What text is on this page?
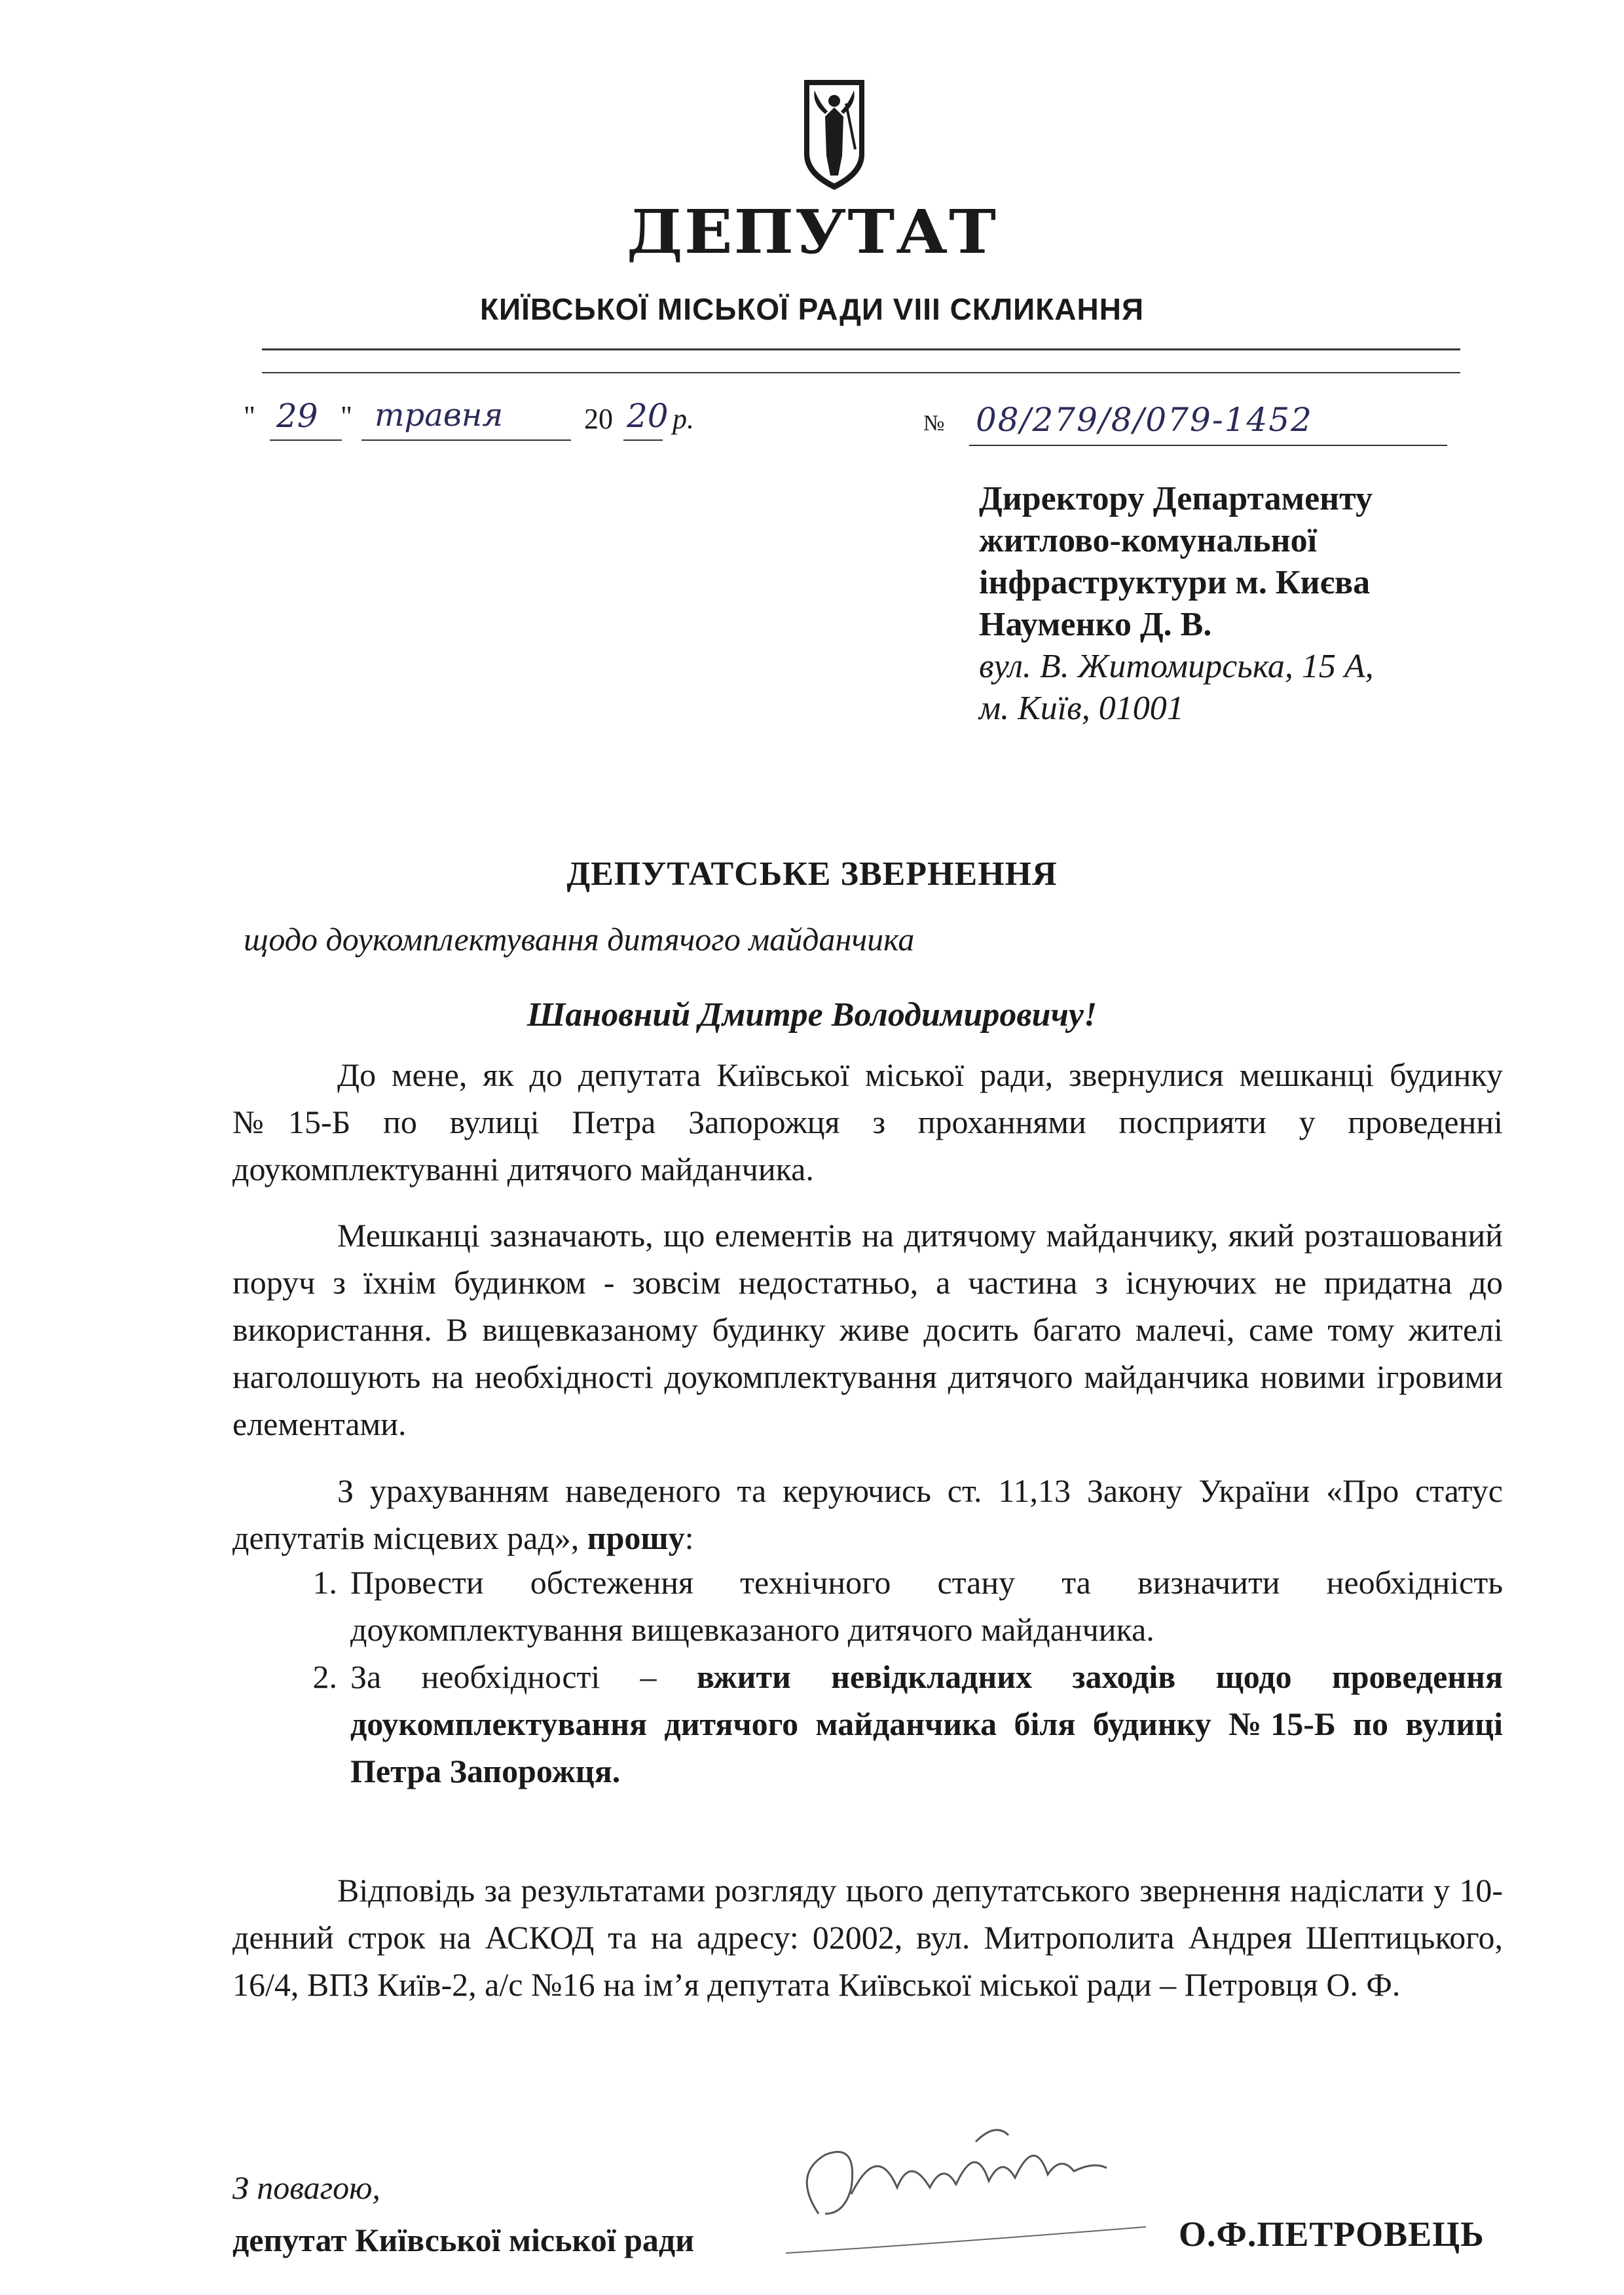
ДЕПУТАТ
КИЇВСЬКОЇ МІСЬКОЇ РАДИ VIII СКЛИКАННЯ
" 29 " травня	20 20 р.	№ 08/279/8/079-1452
Директору Департаменту
житлово-комунальної
інфраструктури м. Києва
Науменко Д. В.
вул. В. Житомирська, 15 А,
м. Київ, 01001
ДЕПУТАТСЬКЕ ЗВЕРНЕННЯ
щодо доукомплектування дитячого майданчика
Шановний Дмитре Володимировичу!

До мене, як до депутата Київської міської ради, звернулися мешканці будинку №15-Б по вулиці Петра Запорожця з проханнями посприяти у проведенні доукомплектуванні дитячого майданчика.

Мешканці зазначають, що елементів на дитячому майданчику, який розташований поруч з їхнім будинком - зовсім недостатньо, а частина з існуючих не придатна до використання. В вищевказаному будинку живе досить багато малечі, саме тому жителі наголошують на необхідності доукомплектування дитячого майданчика новими ігровими елементами.

З урахуванням наведеного та керуючись ст. 11,13 Закону України «Про статус депутатів місцевих рад», прошу:

1. Провести обстеження технічного стану та визначити необхідність доукомплектування вищевказаного дитячого майданчика.
2. За необхідності – вжити невідкладних заходів щодо проведення доукомплектування дитячого майданчика біля будинку №15-Б по вулиці Петра Запорожця.

Відповідь за результатами розгляду цього депутатського звернення надіслати у 10-денний строк на АСКОД та на адресу: 02002, вул. Митрополита Андрея Шептицького, 16/4, ВПЗ Київ-2, а/с №16 на ім’я депутата Київської міської ради – Петровця О. Ф.

З повагою,
депутат Київської міської ради	О.Ф.ПЕТРОВЕЦЬ
